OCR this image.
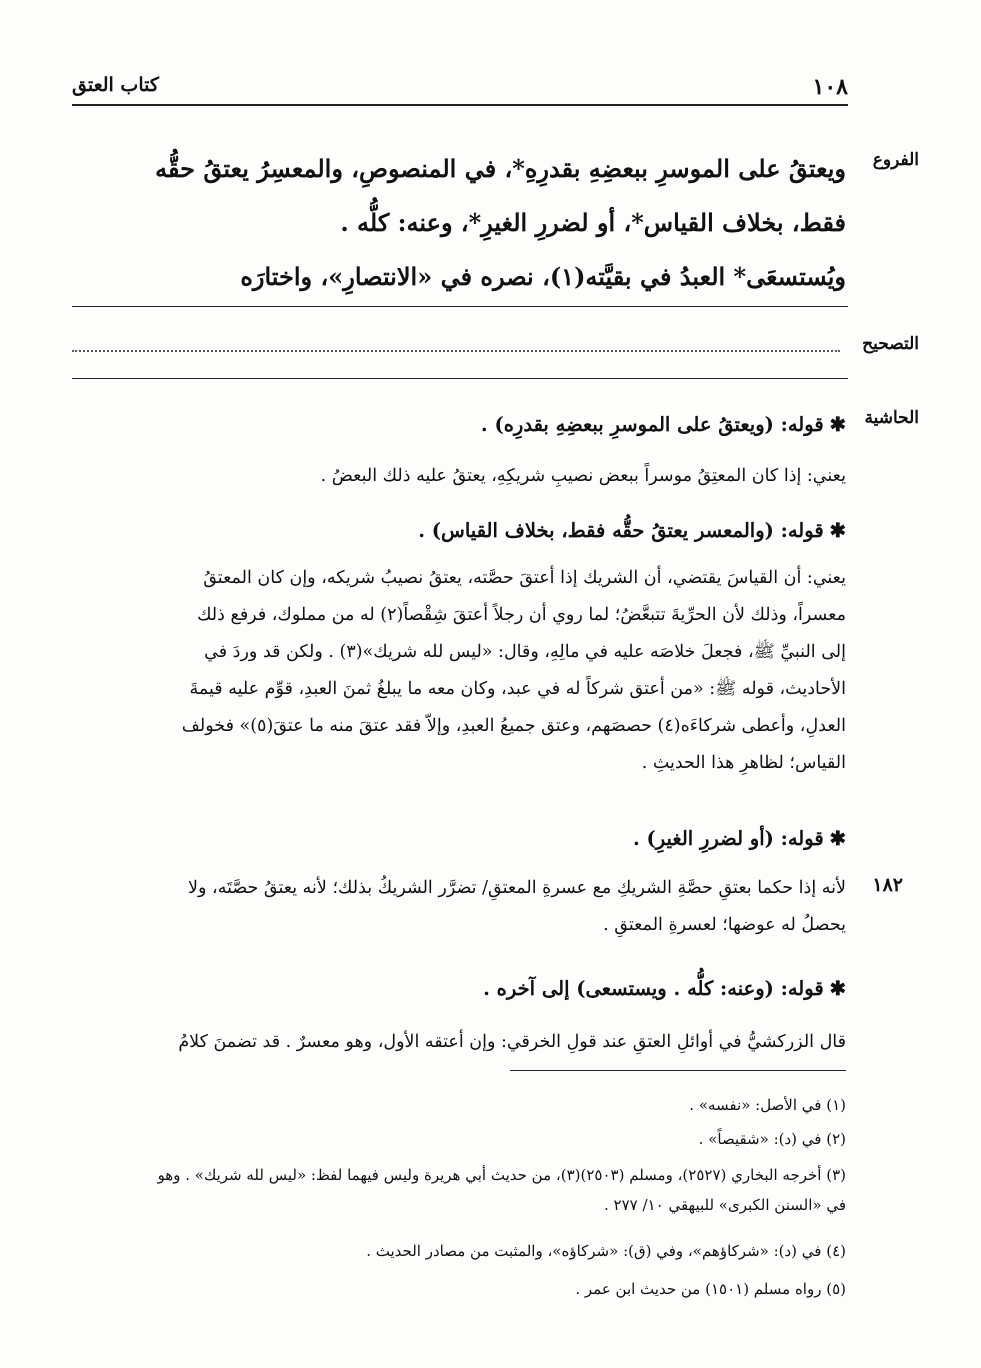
١٠٨
كتاب العتق
الفروع

ويعتقُ على الموسرِ ببعضِهِ بقدرِهِ*، في المنصوصِ، والمعسِرُ يعتقُ حقُّه

فقط، بخلاف القياس*، أو لضررِ الغيرِ*، وعنه: كلُّه .

ويُستسعَى* العبدُ في بقيَّته(١)، نصره في «الانتصارِ»، واختارَه

التصحيح
الحاشية
✱قوله: (ويعتقُ على الموسرِ ببعضِهِ بقدرِه) .
يعني: إذا كان المعتِقُ موسراً ببعض نصيبِ شريكِهِ، يعتقُ عليه ذلك البعضُ .
✱قوله: (والمعسر يعتقُ حقُّه فقط، بخلاف القياس) .
يعني: أن القياسَ يقتضي، أن الشريك إذا أعتقَ حصَّته، يعتقُ نصيبُ شريكه، وإن كان المعتقُ
معسراً، وذلك لأن الحرِّيةَ تتبعَّضُ؛ لما روي أن رجلاً أعتقَ شِقْصاً(٢) له من مملوك، فرفع ذلك
إلى النبيِّ ﷺ، فجعلَ خلاصَه عليه في مالِهِ، وقال: «ليس لله شريك»(٣) . ولكن قد وردَ في
الأحاديث، قوله ﷺ: «من أعتق شركاً له في عبد، وكان معه ما يبلغُ ثمنَ العبدِ، قوِّم عليه قيمةَ
العدلِ، وأعطى شركاءَه(٤) حصصَهم، وعتق جميعُ العبدِ، وإلاّ فقد عتقَ منه ما عتقَ(٥)» فخولف
القياس؛ لظاهرِ هذا الحديثِ .
✱قوله: (أو لضررِ الغيرِ) .
١٨٢
لأنه إذا حكما بعتقِ حصَّةِ الشريكِ مع عسرةِ المعتقِ/ تضرَّر الشريكُ بذلك؛ لأنه يعتقُ حصَّتَه، ولا
يحصلُ له عوضها؛ لعسرةِ المعتقِ .
✱قوله: (وعنه: كلُّه . ويستسعى) إلى آخره .
قال الزركشيُّ في أوائلِ العتقِ عند قولِ الخرقي: وإن أعتقه الأول، وهو معسرٌ . قد تضمنَ كلامُ
(١) في الأصل: «نفسه» .
(٢) في (د): «شقيصاً» .
(٣) أخرجه البخاري (٢٥٢٧)، ومسلم (٢٥٠٣)(٣)، من حديث أبي هريرة وليس فيهما لفظ: «ليس لله شريك» . وهو
في «السنن الكبرى» للبيهقي ١٠/ ٢٧٧ .
(٤) في (د): «شركاؤهم»، وفي (ق): «شركاؤه»، والمثبت من مصادر الحديث .
(٥) رواه مسلم (١٥٠١) من حديث ابن عمر .
